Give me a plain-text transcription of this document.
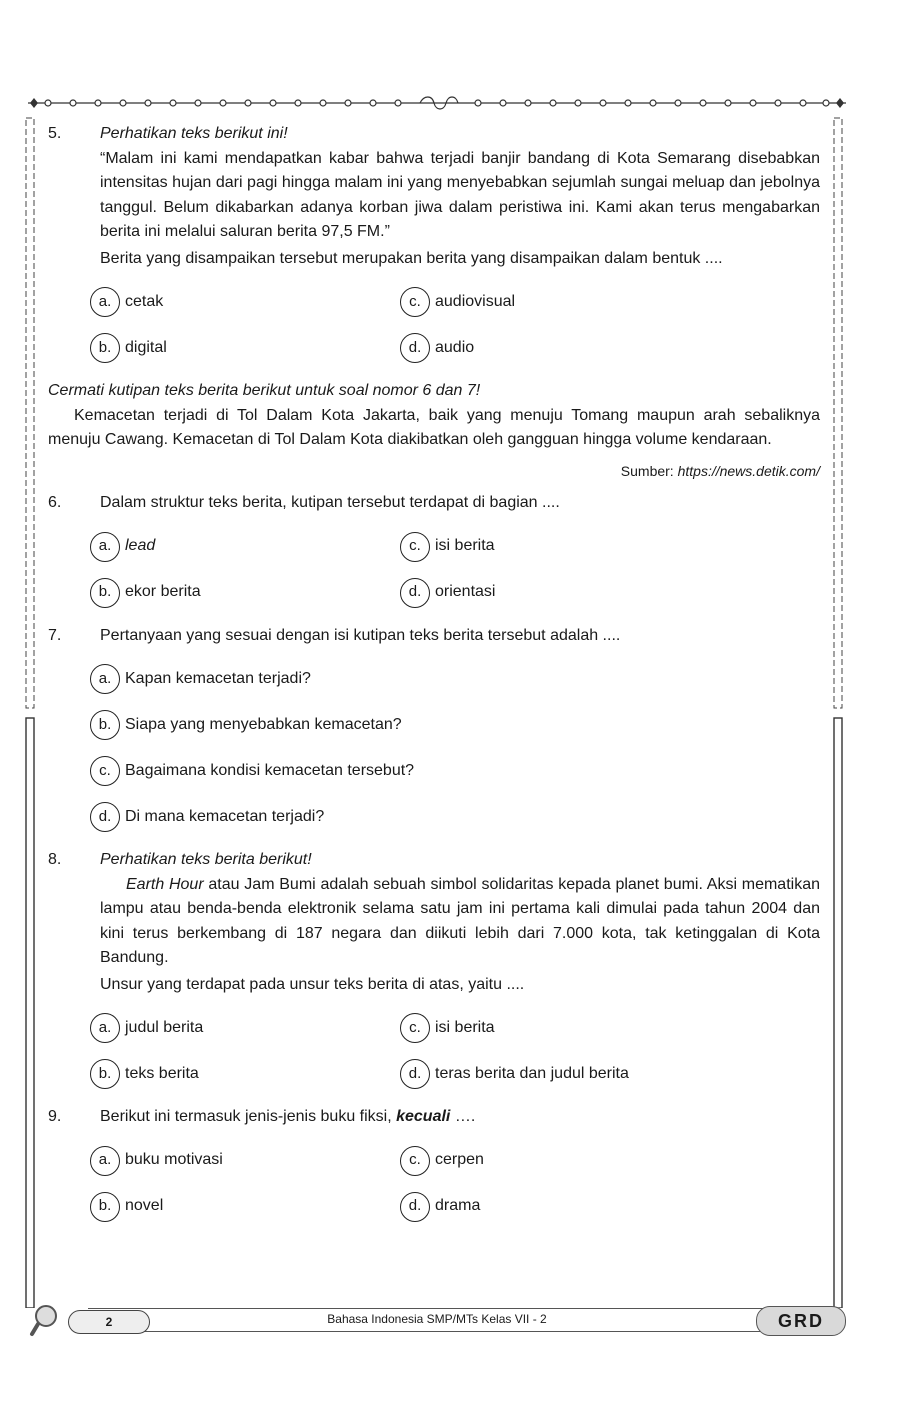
5. Perhatikan teks berikut ini!

“Malam ini kami mendapatkan kabar bahwa terjadi banjir bandang di Kota Semarang disebabkan intensitas hujan dari pagi hingga malam ini yang menyebabkan sejumlah sungai meluap dan jebolnya tanggul. Belum dikabarkan adanya korban jiwa dalam peristiwa ini. Kami akan terus mengabarkan berita ini melalui saluran berita 97,5 FM.”

Berita yang disampaikan tersebut merupakan berita yang disampaikan dalam bentuk ....
a. cetak	c. audiovisual
b. digital	d. audio
Cermati kutipan teks berita berikut untuk soal nomor 6 dan 7!

Kemacetan terjadi di Tol Dalam Kota Jakarta, baik yang menuju Tomang maupun arah sebaliknya menuju Cawang. Kemacetan di Tol Dalam Kota diakibatkan oleh gangguan hingga volume kendaraan.

Sumber: https://news.detik.com/
6. Dalam struktur teks berita, kutipan tersebut terdapat di bagian ....
a. lead	c. isi berita
b. ekor berita	d. orientasi
7. Pertanyaan yang sesuai dengan isi kutipan teks berita tersebut adalah ....
a. Kapan kemacetan terjadi?
b. Siapa yang menyebabkan kemacetan?
c. Bagaimana kondisi kemacetan tersebut?
d. Di mana kemacetan terjadi?
8. Perhatikan teks berita berikut!

Earth Hour atau Jam Bumi adalah sebuah simbol solidaritas kepada planet bumi. Aksi mematikan lampu atau benda-benda elektronik selama satu jam ini pertama kali dimulai pada tahun 2004 dan kini terus berkembang di 187 negara dan diikuti lebih dari 7.000 kota, tak ketinggalan di Kota Bandung.

Unsur yang terdapat pada unsur teks berita di atas, yaitu ....
a. judul berita	c. isi berita
b. teks berita	d. teras berita dan judul berita
9. Berikut ini termasuk jenis-jenis buku fiksi, kecuali ….
a. buku motivasi	c. cerpen
b. novel	d. drama
2	Bahasa Indonesia SMP/MTs Kelas VII - 2	GRD
